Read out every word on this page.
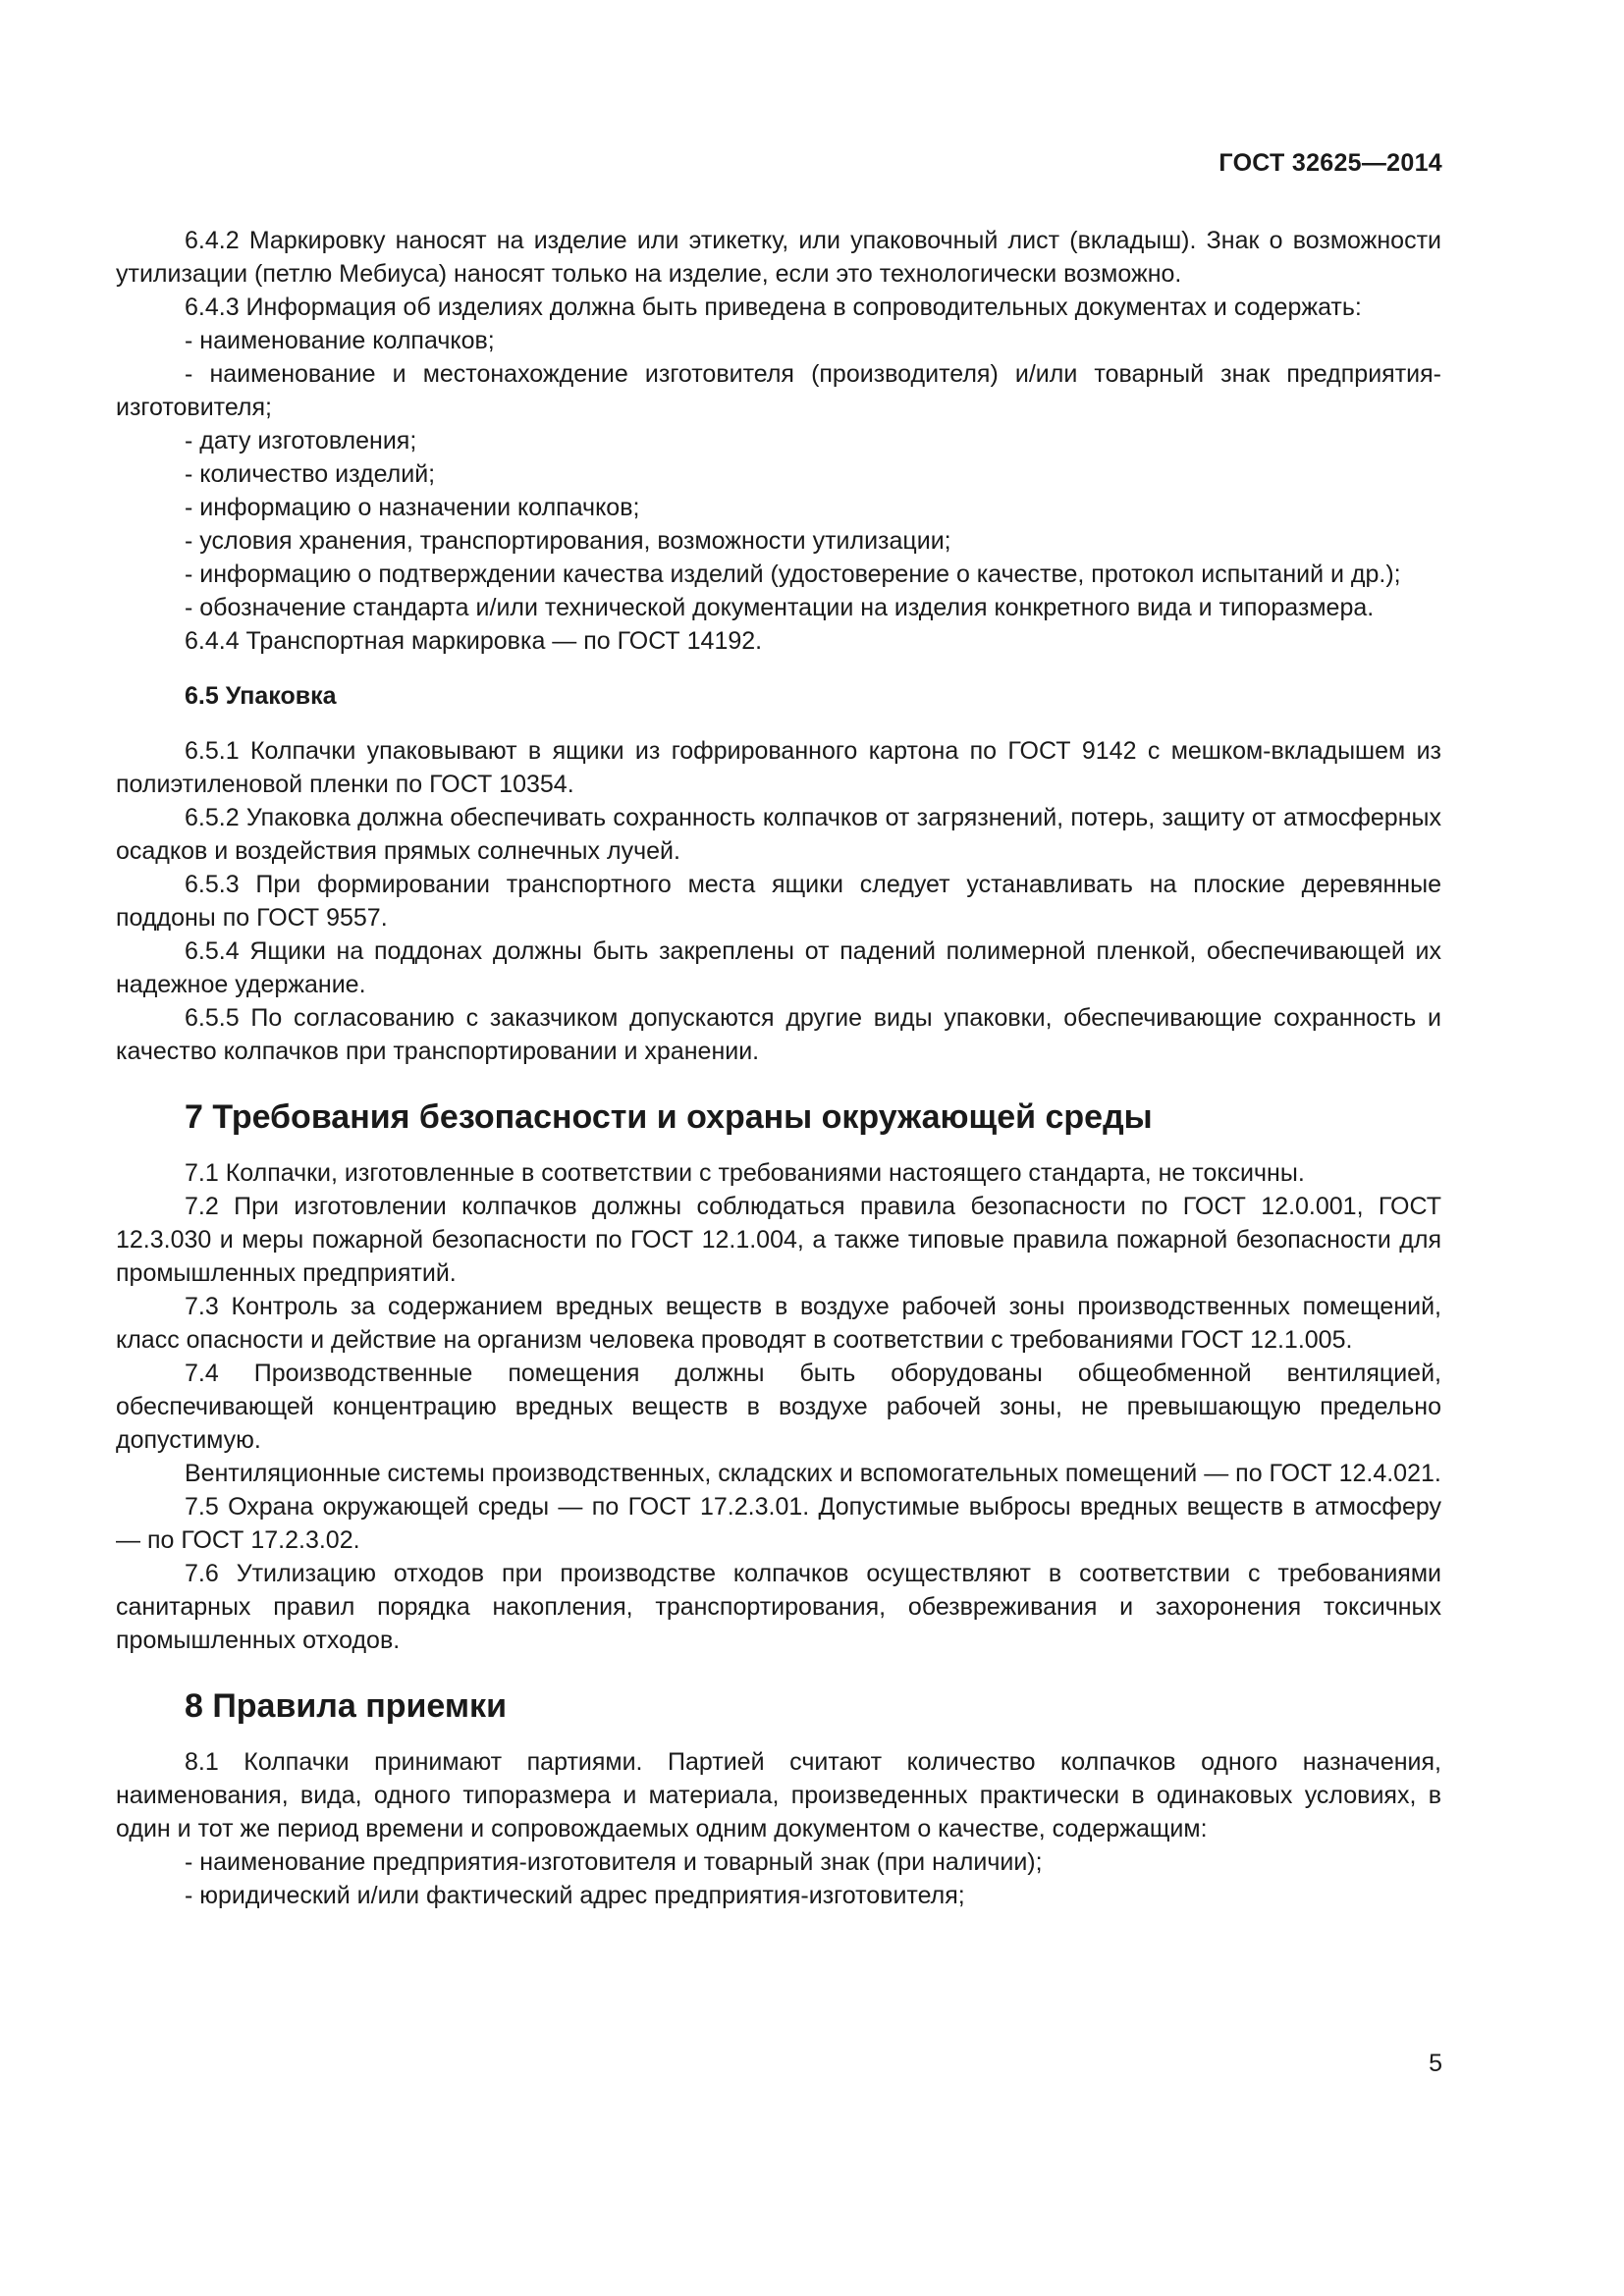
ГОСТ 32625—2014

6.4.2 Маркировку наносят на изделие или этикетку, или упаковочный лист (вкладыш). Знак о возможности утилизации (петлю Мебиуса) наносят только на изделие, если это технологически возможно.

6.4.3 Информация об изделиях должна быть приведена в сопроводительных документах и содержать:

- наименование колпачков;

- наименование и местонахождение изготовителя (производителя) и/или товарный знак предприятия-изготовителя;

- дату изготовления;

- количество изделий;

- информацию о назначении колпачков;

- условия хранения, транспортирования, возможности утилизации;

- информацию о подтверждении качества изделий (удостоверение о качестве, протокол испытаний и др.);

- обозначение стандарта и/или технической документации на изделия конкретного вида и типоразмера.

6.4.4 Транспортная маркировка — по ГОСТ 14192.

6.5 Упаковка

6.5.1 Колпачки упаковывают в ящики из гофрированного картона по ГОСТ 9142 с мешком-вкладышем из полиэтиленовой пленки по ГОСТ 10354.

6.5.2 Упаковка должна обеспечивать сохранность колпачков от загрязнений, потерь, защиту от атмосферных осадков и воздействия прямых солнечных лучей.

6.5.3 При формировании транспортного места ящики следует устанавливать на плоские деревянные поддоны по ГОСТ 9557.

6.5.4 Ящики на поддонах должны быть закреплены от падений полимерной пленкой, обеспечивающей их надежное удержание.

6.5.5 По согласованию с заказчиком допускаются другие виды упаковки, обеспечивающие сохранность и качество колпачков при транспортировании и хранении.

7 Требования безопасности и охраны окружающей среды

7.1 Колпачки, изготовленные в соответствии с требованиями настоящего стандарта, не токсичны.

7.2 При изготовлении колпачков должны соблюдаться правила безопасности по ГОСТ 12.0.001, ГОСТ 12.3.030 и меры пожарной безопасности по ГОСТ 12.1.004, а также типовые правила пожарной безопасности для промышленных предприятий.

7.3 Контроль за содержанием вредных веществ в воздухе рабочей зоны производственных помещений, класс опасности и действие на организм человека проводят в соответствии с требованиями ГОСТ 12.1.005.

7.4 Производственные помещения должны быть оборудованы общеобменной вентиляцией, обеспечивающей концентрацию вредных веществ в воздухе рабочей зоны, не превышающую предельно допустимую.

Вентиляционные системы производственных, складских и вспомогательных помещений — по ГОСТ 12.4.021.

7.5 Охрана окружающей среды — по ГОСТ 17.2.3.01. Допустимые выбросы вредных веществ в атмосферу — по ГОСТ 17.2.3.02.

7.6 Утилизацию отходов при производстве колпачков осуществляют в соответствии с требованиями санитарных правил порядка накопления, транспортирования, обезвреживания и захоронения токсичных промышленных отходов.

8 Правила приемки

8.1 Колпачки принимают партиями. Партией считают количество колпачков одного назначения, наименования, вида, одного типоразмера и материала, произведенных практически в одинаковых условиях, в один и тот же период времени и сопровождаемых одним документом о качестве, содержащим:

- наименование предприятия-изготовителя и товарный знак (при наличии);

- юридический и/или фактический адрес предприятия-изготовителя;

5
